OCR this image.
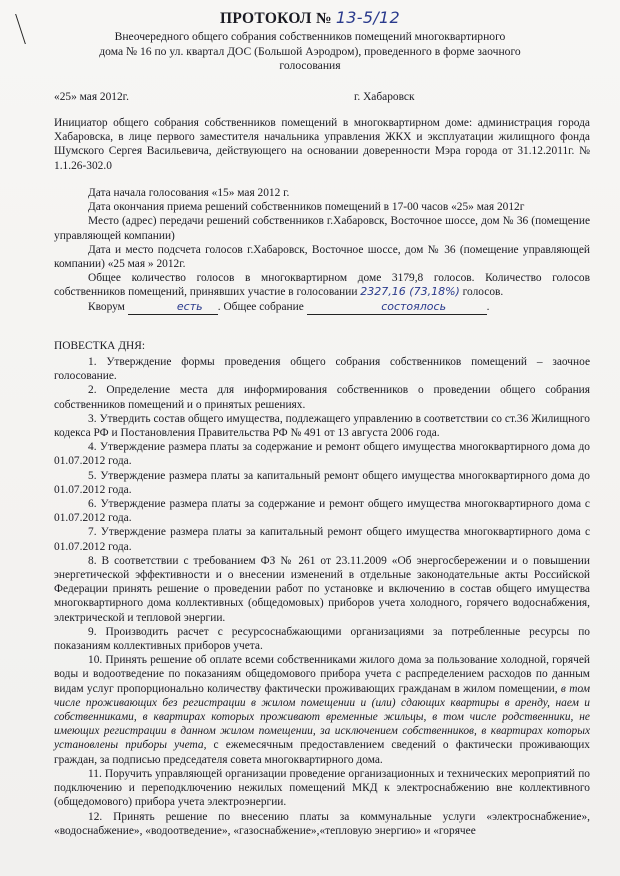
ПРОТОКОЛ № 13-5/12
Внеочередного общего собрания собственников помещений многоквартирного
дома № 16 по ул. квартал ДОС (Большой Аэродром), проведенного в форме заочного
голосования
«25» мая 2012г.	г. Хабаровск

Инициатор общего собрания собственников помещений в многоквартирном доме: администрация города Хабаровска, в лице первого заместителя начальника управления ЖКХ и эксплуатации жилищного фонда Шумского Сергея Васильевича, действующего на основании доверенности Мэра города от 31.12.2011г. № 1.1.26-302.0

Дата начала голосования «15» мая 2012 г.

Дата окончания приема решений собственников помещений в 17-00 часов «25» мая 2012г

Место (адрес) передачи решений собственников г.Хабаровск, Восточное шоссе, дом № 36 (помещение управляющей компании)

Дата и место подсчета голосов г.Хабаровск, Восточное шоссе, дом № 36 (помещение управляющей компании) «25 мая » 2012г.

Общее количество голосов в многоквартирном доме 3179,8 голосов. Количество голосов собственников помещений, принявших участие в голосовании 2327,16 (73,18%) голосов.

Кворум	есть . Общее собрание	состоялось	.

ПОВЕСТКА ДНЯ:

1. Утверждение формы проведения общего собрания собственников помещений – заочное голосование.

2. Определение места для информирования собственников о проведении общего собрания собственников помещений и о принятых решениях.

3. Утвердить состав общего имущества, подлежащего управлению в соответствии со ст.36 Жилищного кодекса РФ и Постановления Правительства РФ № 491 от 13 августа 2006 года.

4. Утверждение размера платы за содержание и ремонт общего имущества многоквартирного дома до 01.07.2012 года.

5. Утверждение размера платы за капитальный ремонт общего имущества многоквартирного дома до 01.07.2012 года.

6. Утверждение размера платы за содержание и ремонт общего имущества многоквартирного дома с 01.07.2012 года.

7. Утверждение размера платы за капитальный ремонт общего имущества многоквартирного дома с 01.07.2012 года.

8. В соответствии с требованием ФЗ № 261 от 23.11.2009 «Об энергосбережении и о повышении энергетической эффективности и о внесении изменений в отдельные законодательные акты Российской Федерации принять решение о проведении работ по установке и включению в состав общего имущества многоквартирного дома коллективных (общедомовых) приборов учета холодного, горячего водоснабжения, электрической и тепловой энергии.

9. Производить расчет с ресурсоснабжающими организациями за потребленные ресурсы по показаниям коллективных приборов учета.

10. Принять решение об оплате всеми собственниками жилого дома за пользование холодной, горячей воды и водоотведение по показаниям общедомового прибора учета с распределением расходов по данным видам услуг пропорционально количеству фактически проживающих гражданам в жилом помещении, в том числе проживающих без регистрации в жилом помещении и (или) сдающих квартиры в аренду, наем и собственниками, в квартирах которых проживают временные жильцы, в том числе родственники, не имеющих регистрации в данном жилом помещении, за исключением собственников, в квартирах которых установлены приборы учета, с ежемесячным предоставлением сведений о фактически проживающих граждан, за подписью председателя совета многоквартирного дома.

11. Поручить управляющей организации проведение организационных и технических мероприятий по подключению и переподключению нежилых помещений МКД к электроснабжению вне коллективного (общедомового) прибора учета электроэнергии.

12. Принять решение по внесению платы за коммунальные услуги «электроснабжение», «водоснабжение», «водоотведение», «газоснабжение»,«тепловую энергию» и «горячее
